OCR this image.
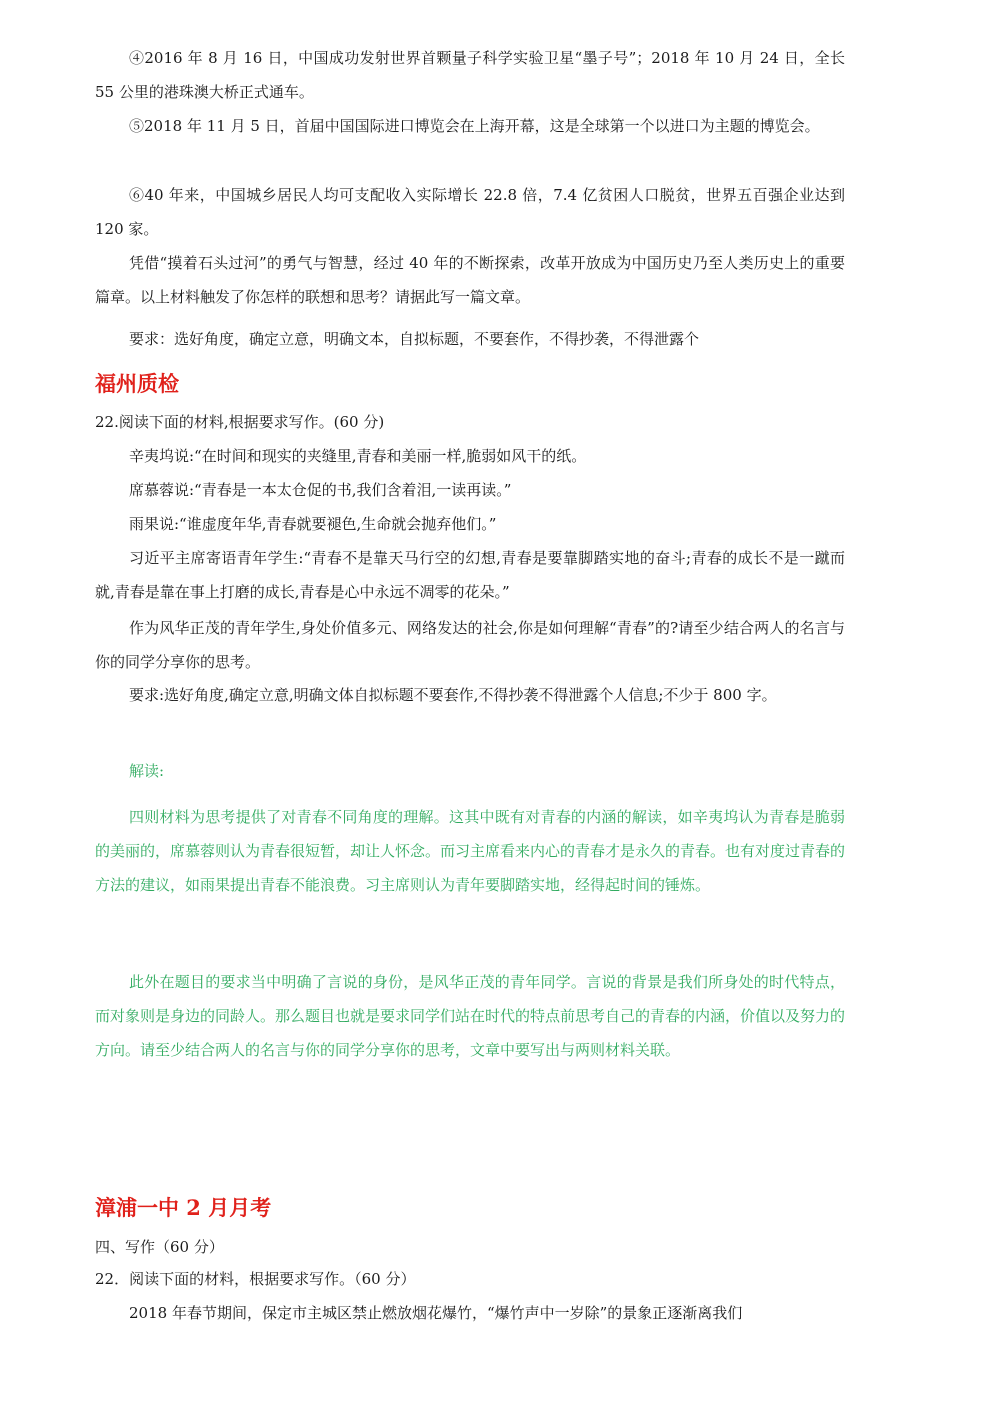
④2016 年 8 月 16 日，中国成功发射世界首颗量子科学实验卫星“墨子号”；2018 年 10 月 24 日，全长 55 公里的港珠澳大桥正式通车。

⑤2018 年 11 月 5 日，首届中国国际进口博览会在上海开幕，这是全球第一个以进口为主题的博览会。

⑥40 年来，中国城乡居民人均可支配收入实际增长 22.8 倍，7.4 亿贫困人口脱贫，世界五百强企业达到 120 家。

凭借“摸着石头过河”的勇气与智慧，经过 40 年的不断探索，改革开放成为中国历史乃至人类历史上的重要篇章。以上材料触发了你怎样的联想和思考？请据此写一篇文章。

要求：选好角度，确定立意，明确文本，自拟标题，不要套作，不得抄袭，不得泄露个

福州质检

22.阅读下面的材料,根据要求写作。(60 分)

辛夷坞说:“在时间和现实的夹缝里,青春和美丽一样,脆弱如风干的纸。

席慕蓉说:“青春是一本太仓促的书,我们含着泪,一读再读。”

雨果说:“谁虚度年华,青春就要褪色,生命就会抛弃他们。”

习近平主席寄语青年学生:“青春不是靠天马行空的幻想,青春是要靠脚踏实地的奋斗;青春的成长不是一蹴而就,青春是靠在事上打磨的成长,青春是心中永远不凋零的花朵。”

作为风华正茂的青年学生,身处价值多元、网络发达的社会,你是如何理解“青春”的?请至少结合两人的名言与你的同学分享你的思考。

要求:选好角度,确定立意,明确文体自拟标题不要套作,不得抄袭不得泄露个人信息;不少于 800 字。

解读:

四则材料为思考提供了对青春不同角度的理解。这其中既有对青春的内涵的解读，如辛夷坞认为青春是脆弱的美丽的，席慕蓉则认为青春很短暂，却让人怀念。而习主席看来内心的青春才是永久的青春。也有对度过青春的方法的建议，如雨果提出青春不能浪费。习主席则认为青年要脚踏实地，经得起时间的锤炼。

此外在题目的要求当中明确了言说的身份，是风华正茂的青年同学。言说的背景是我们所身处的时代特点，而对象则是身边的同龄人。那么题目也就是要求同学们站在时代的特点前思考自己的青春的内涵，价值以及努力的方向。请至少结合两人的名言与你的同学分享你的思考，文章中要写出与两则材料关联。

漳浦一中 2 月月考

四、写作（60 分）

22．阅读下面的材料，根据要求写作。（60 分）

2018 年春节期间，保定市主城区禁止燃放烟花爆竹，“爆竹声中一岁除”的景象正逐渐离我们
